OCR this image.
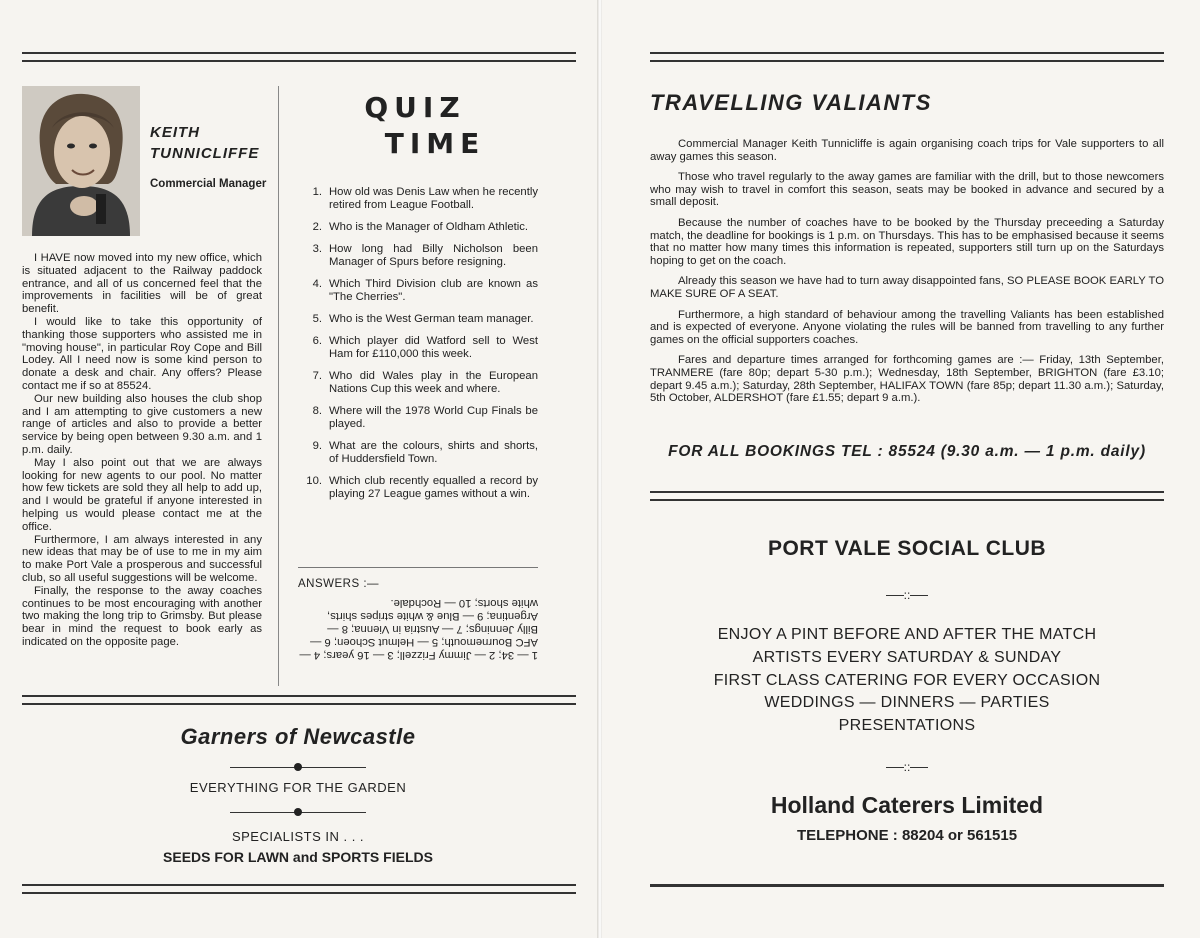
KEITH TUNNICLIFFE
Commercial Manager

I HAVE now moved into my new office, which is situated adjacent to the Railway paddock entrance, and all of us concerned feel that the improvements in facilities will be of great benefit.

I would like to take this opportunity of thanking those supporters who assisted me in "moving house", in particular Roy Cope and Bill Lodey. All I need now is some kind person to donate a desk and chair. Any offers? Please contact me if so at 85524.

Our new building also houses the club shop and I am attempting to give customers a new range of articles and also to provide a better service by being open between 9.30 a.m. and 1 p.m. daily.

May I also point out that we are always looking for new agents to our pool. No matter how few tickets are sold they all help to add up, and I would be grateful if anyone interested in helping us would please contact me at the office.

Furthermore, I am always interested in any new ideas that may be of use to me in my aim to make Port Vale a prosperous and successful club, so all useful suggestions will be welcome.

Finally, the response to the away coaches continues to be most encouraging with another two making the long trip to Grimsby. But please bear in mind the request to book early as indicated on the opposite page.

QUIZ
TIME
1. How old was Denis Law when he recently retired from League Football.
2. Who is the Manager of Oldham Athletic.
3. How long had Billy Nicholson been Manager of Spurs before resigning.
4. Which Third Division club are known as "The Cherries".
5. Who is the West German team manager.
6. Which player did Watford sell to West Ham for £110,000 this week.
7. Who did Wales play in the European Nations Cup this week and where.
8. Where will the 1978 World Cup Finals be played.
9. What are the colours, shirts and shorts, of Huddersfield Town.
10. Which club recently equalled a record by playing 27 League games without a win.
ANSWERS :—
1 — 34; 2 — Jimmy Frizzell; 3 — 16 years; 4 — AFC Bournemouth; 5 — Helmut Schoen; 6 — Billy Jennings; 7 — Austria in Vienna; 8 — Argentina; 9 — Blue & white stripes shirts, white shorts; 10 — Rochdale.
Garners of Newcastle
EVERYTHING FOR THE GARDEN
SPECIALISTS IN . . .
SEEDS FOR LAWN and SPORTS FIELDS
TRAVELLING VALIANTS

Commercial Manager Keith Tunnicliffe is again organising coach trips for Vale supporters to all away games this season.

Those who travel regularly to the away games are familiar with the drill, but to those newcomers who may wish to travel in comfort this season, seats may be booked in advance and secured by a small deposit.

Because the number of coaches have to be booked by the Thursday preceeding a Saturday match, the deadline for bookings is 1 p.m. on Thursdays. This has to be emphasised because it seems that no matter how many times this information is repeated, supporters still turn up on the Saturdays hoping to get on the coach.

Already this season we have had to turn away disappointed fans, SO PLEASE BOOK EARLY TO MAKE SURE OF A SEAT.

Furthermore, a high standard of behaviour among the travelling Valiants has been established and is expected of everyone. Anyone violating the rules will be banned from travelling to any further games on the official supporters coaches.

Fares and departure times arranged for forthcoming games are :— Friday, 13th September, TRANMERE (fare 80p; depart 5-30 p.m.); Wednesday, 18th September, BRIGHTON (fare £3.10; depart 9.45 a.m.); Saturday, 28th September, HALIFAX TOWN (fare 85p; depart 11.30 a.m.); Saturday, 5th October, ALDERSHOT (fare £1.55; depart 9 a.m.).

FOR ALL BOOKINGS TEL : 85524 (9.30 a.m. — 1 p.m. daily)
PORT VALE SOCIAL CLUB
::
ENJOY A PINT BEFORE AND AFTER THE MATCH
ARTISTS EVERY SATURDAY & SUNDAY
FIRST CLASS CATERING FOR EVERY OCCASION
WEDDINGS — DINNERS — PARTIES
PRESENTATIONS
::
Holland Caterers Limited
TELEPHONE : 88204 or 561515
